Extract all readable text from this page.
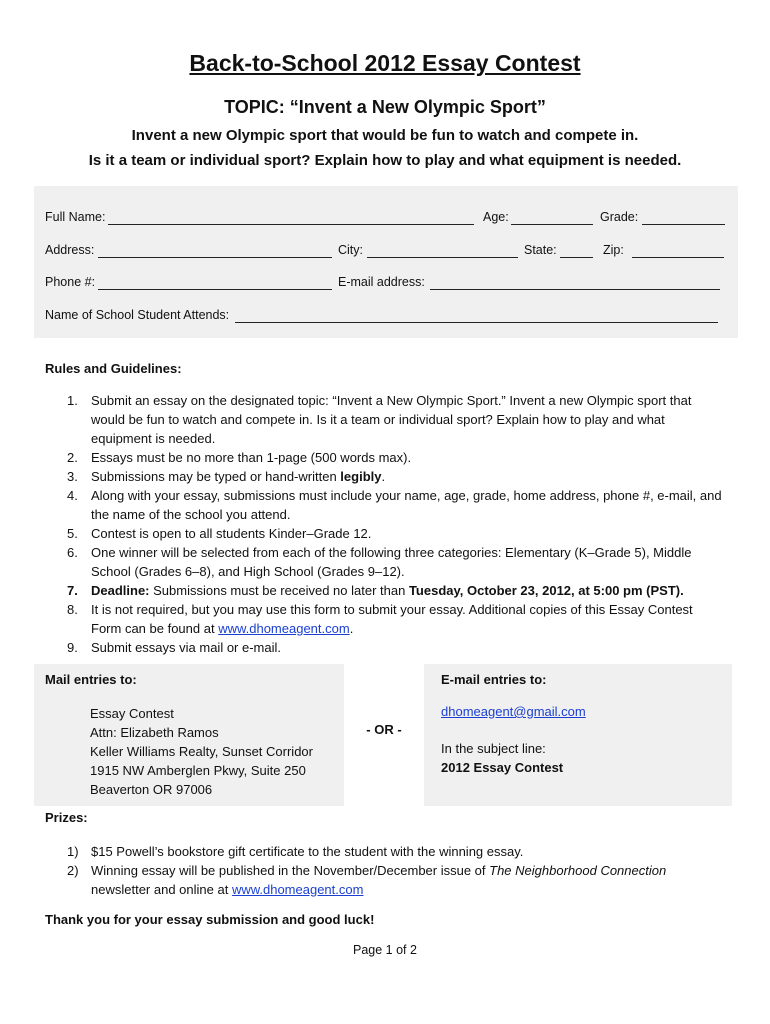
Back-to-School 2012 Essay Contest
TOPIC: “Invent a New Olympic Sport”
Invent a new Olympic sport that would be fun to watch and compete in.
Is it a team or individual sport? Explain how to play and what equipment is needed.
Full Name:	Age:	Grade:
Address:	City:	State:	Zip:
Phone #:	E-mail address:
Name of School Student Attends:
Rules and Guidelines:
1. Submit an essay on the designated topic: “Invent a New Olympic Sport.” Invent a new Olympic sport that would be fun to watch and compete in. Is it a team or individual sport? Explain how to play and what equipment is needed.
2. Essays must be no more than 1-page (500 words max).
3. Submissions may be typed or hand-written legibly.
4. Along with your essay, submissions must include your name, age, grade, home address, phone #, e-mail, and the name of the school you attend.
5. Contest is open to all students Kinder–Grade 12.
6. One winner will be selected from each of the following three categories: Elementary (K–Grade 5), Middle School (Grades 6–8), and High School (Grades 9–12).
7. Deadline: Submissions must be received no later than Tuesday, October 23, 2012, at 5:00 pm (PST).
8. It is not required, but you may use this form to submit your essay. Additional copies of this Essay Contest Form can be found at www.dhomeagent.com.
9. Submit essays via mail or e-mail.
Mail entries to:
Essay Contest
Attn: Elizabeth Ramos
Keller Williams Realty, Sunset Corridor
1915 NW Amberglen Pkwy, Suite 250
Beaverton OR 97006
- OR -
E-mail entries to:
dhomeagent@gmail.com
In the subject line:
2012 Essay Contest
Prizes:
1) $15 Powell’s bookstore gift certificate to the student with the winning essay.
2) Winning essay will be published in the November/December issue of The Neighborhood Connection newsletter and online at www.dhomeagent.com
Thank you for your essay submission and good luck!
Page 1 of 2
